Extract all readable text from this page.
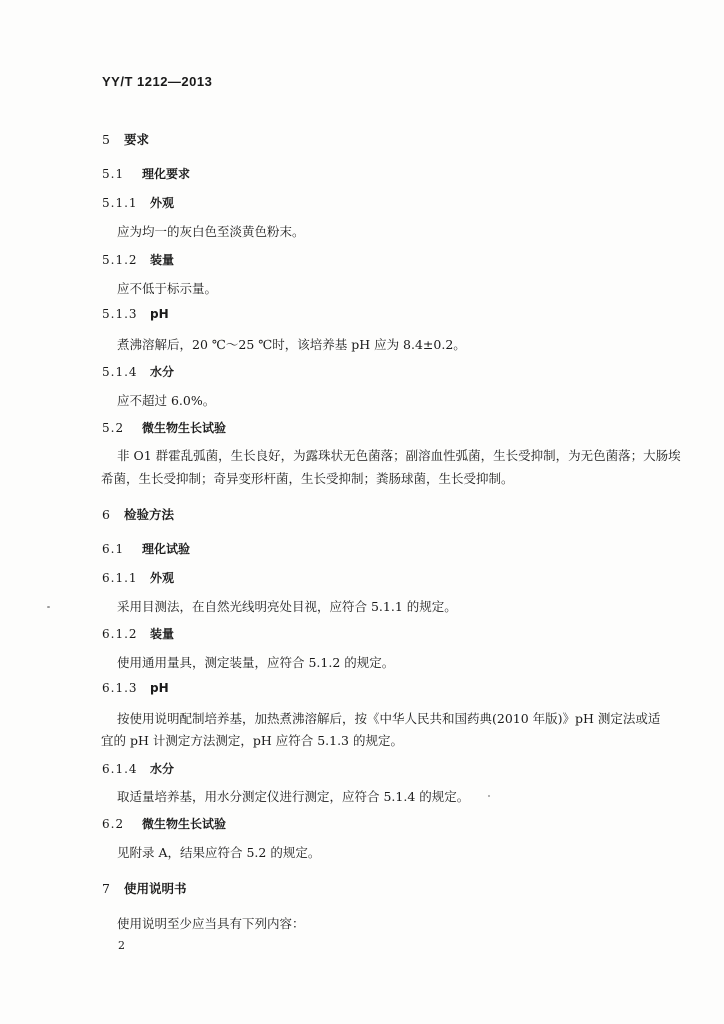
YY/T 1212—2013
5 要求
5.1 理化要求
5.1.1 外观
应为均一的灰白色至淡黄色粉末。
5.1.2 装量
应不低于标示量。
5.1.3 pH
煮沸溶解后，20 ℃～25 ℃时，该培养基 pH 应为 8.4±0.2。
5.1.4 水分
应不超过 6.0%。
5.2 微生物生长试验
非 O1 群霍乱弧菌，生长良好，为露珠状无色菌落；副溶血性弧菌，生长受抑制，为无色菌落；大肠埃
希菌，生长受抑制；奇异变形杆菌，生长受抑制；粪肠球菌，生长受抑制。
6 检验方法
6.1 理化试验
6.1.1 外观
采用目测法，在自然光线明亮处目视，应符合 5.1.1 的规定。
6.1.2 装量
使用通用量具，测定装量，应符合 5.1.2 的规定。
6.1.3 pH
按使用说明配制培养基，加热煮沸溶解后，按《中华人民共和国药典(2010 年版)》pH 测定法或适
宜的 pH 计测定方法测定，pH 应符合 5.1.3 的规定。
6.1.4 水分
取适量培养基，用水分测定仪进行测定，应符合 5.1.4 的规定。
6.2 微生物生长试验
见附录 A，结果应符合 5.2 的规定。
7 使用说明书
使用说明至少应当具有下列内容：
2
